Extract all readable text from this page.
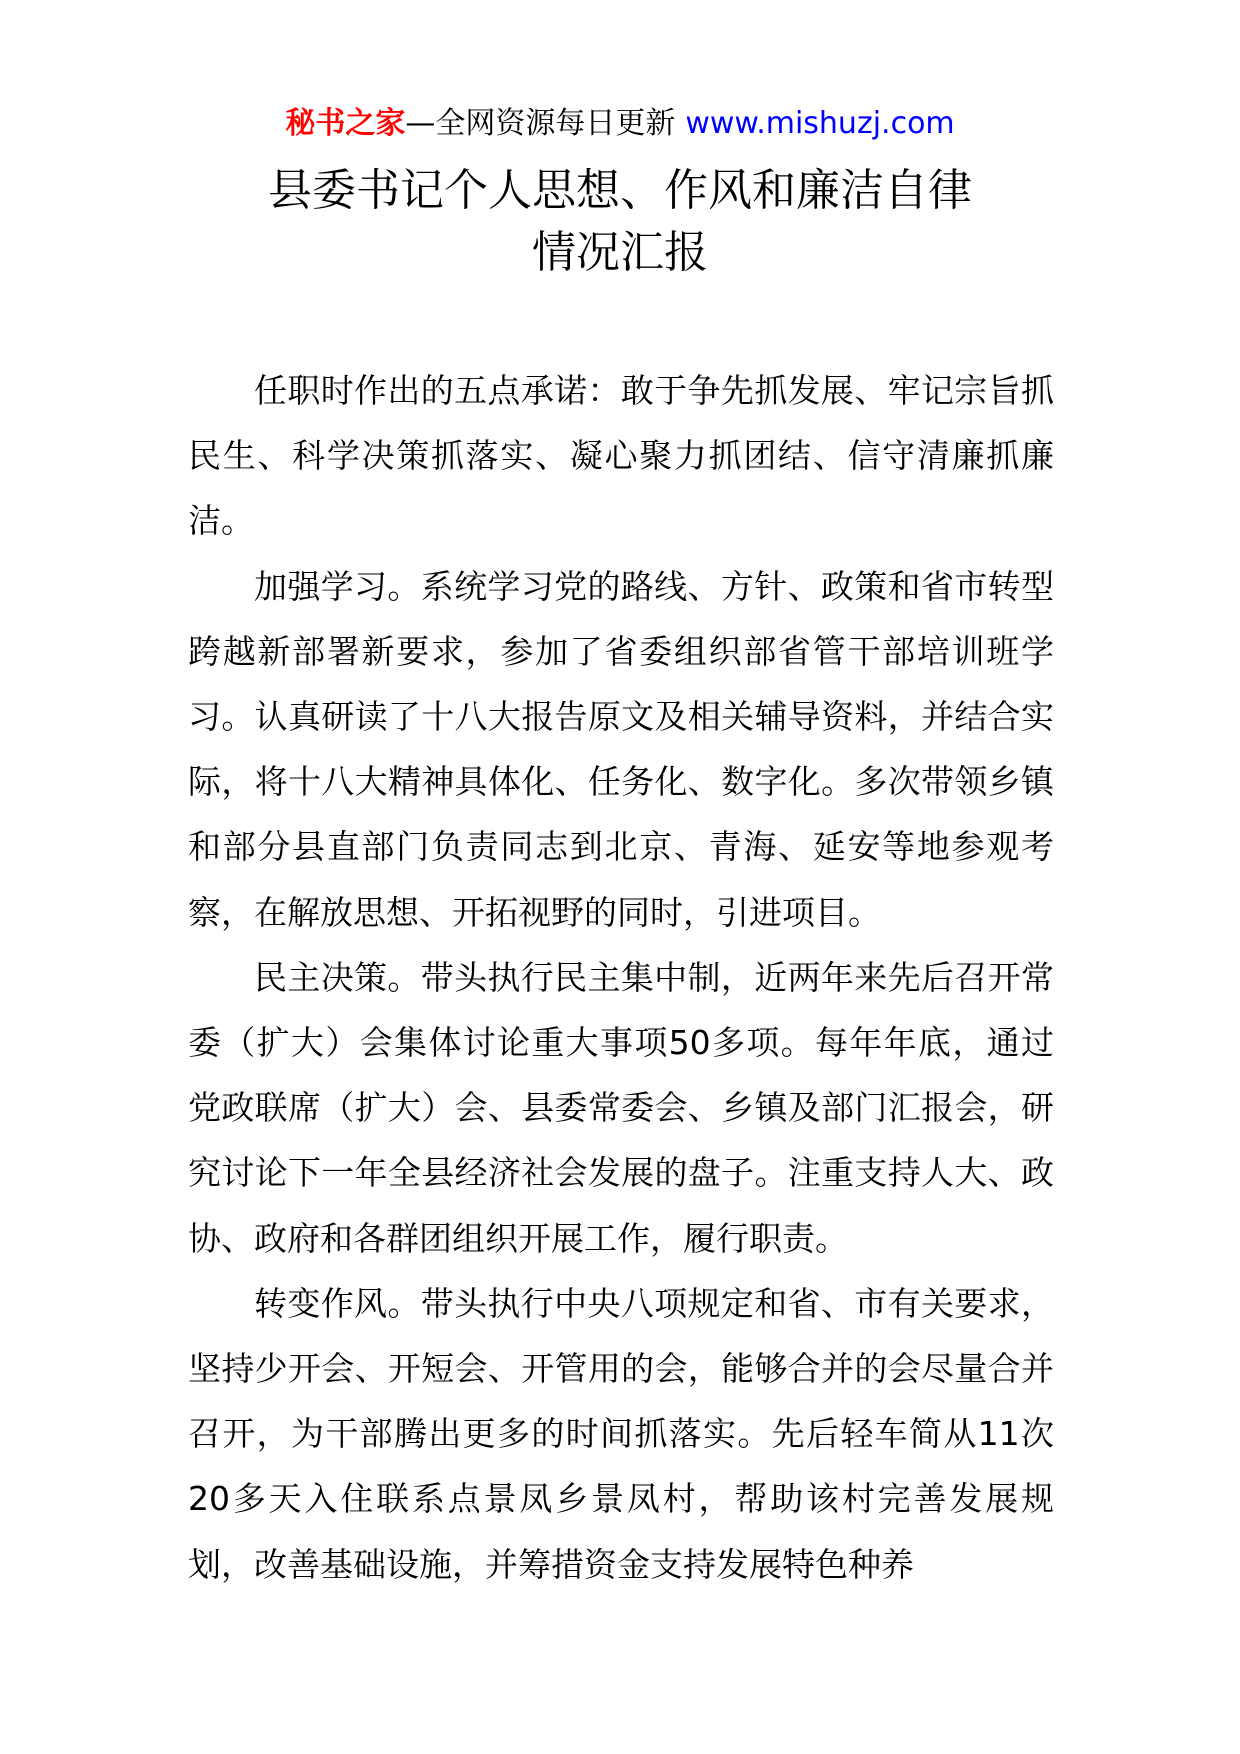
秘书之家—全网资源每日更新 www.mishuzj.com
县委书记个人思想、作风和廉洁自律
情况汇报

任职时作出的五点承诺：敢于争先抓发展、牢记宗旨抓民生、科学决策抓落实、凝心聚力抓团结、信守清廉抓廉洁。

加强学习。系统学习党的路线、方针、政策和省市转型跨越新部署新要求，参加了省委组织部省管干部培训班学习。认真研读了十八大报告原文及相关辅导资料，并结合实际，将十八大精神具体化、任务化、数字化。多次带领乡镇和部分县直部门负责同志到北京、青海、延安等地参观考察，在解放思想、开拓视野的同时，引进项目。

民主决策。带头执行民主集中制，近两年来先后召开常委（扩大）会集体讨论重大事项50多项。每年年底，通过党政联席（扩大）会、县委常委会、乡镇及部门汇报会，研究讨论下一年全县经济社会发展的盘子。注重支持人大、政协、政府和各群团组织开展工作，履行职责。

转变作风。带头执行中央八项规定和省、市有关要求，坚持少开会、开短会、开管用的会，能够合并的会尽量合并召开，为干部腾出更多的时间抓落实。先后轻车简从11次20多天入住联系点景凤乡景凤村，帮助该村完善发展规划，改善基础设施，并筹措资金支持发展特色种养
